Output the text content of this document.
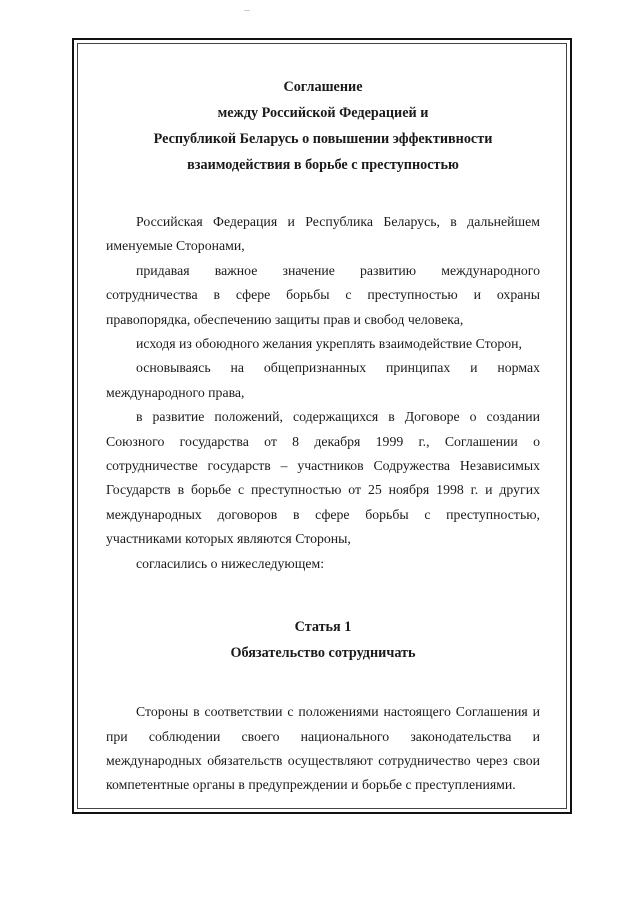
Соглашение

между Российской Федерацией и

Республикой Беларусь о повышении эффективности

взаимодействия в борьбе с преступностью

Российская Федерация и Республика Беларусь, в дальнейшем именуемые Сторонами,

придавая важное значение развитию международного сотрудничества в сфере борьбы с преступностью и охраны правопорядка, обеспечению защиты прав и свобод человека,

исходя из обоюдного желания укреплять взаимодействие Сторон,

основываясь на общепризнанных принципах и нормах международного права,

в развитие положений, содержащихся в Договоре о создании Союзного государства от 8 декабря 1999 г., Соглашении о сотрудничестве государств – участников Содружества Независимых Государств в борьбе с преступностью от 25 ноября 1998 г. и других международных договоров в сфере борьбы с преступностью, участниками которых являются Стороны,

согласились о нижеследующем:

Статья 1

Обязательство сотрудничать

Стороны в соответствии с положениями настоящего Соглашения и при соблюдении своего национального законодательства и международных обязательств осуществляют сотрудничество через свои компетентные органы в предупреждении и борьбе с преступлениями.
